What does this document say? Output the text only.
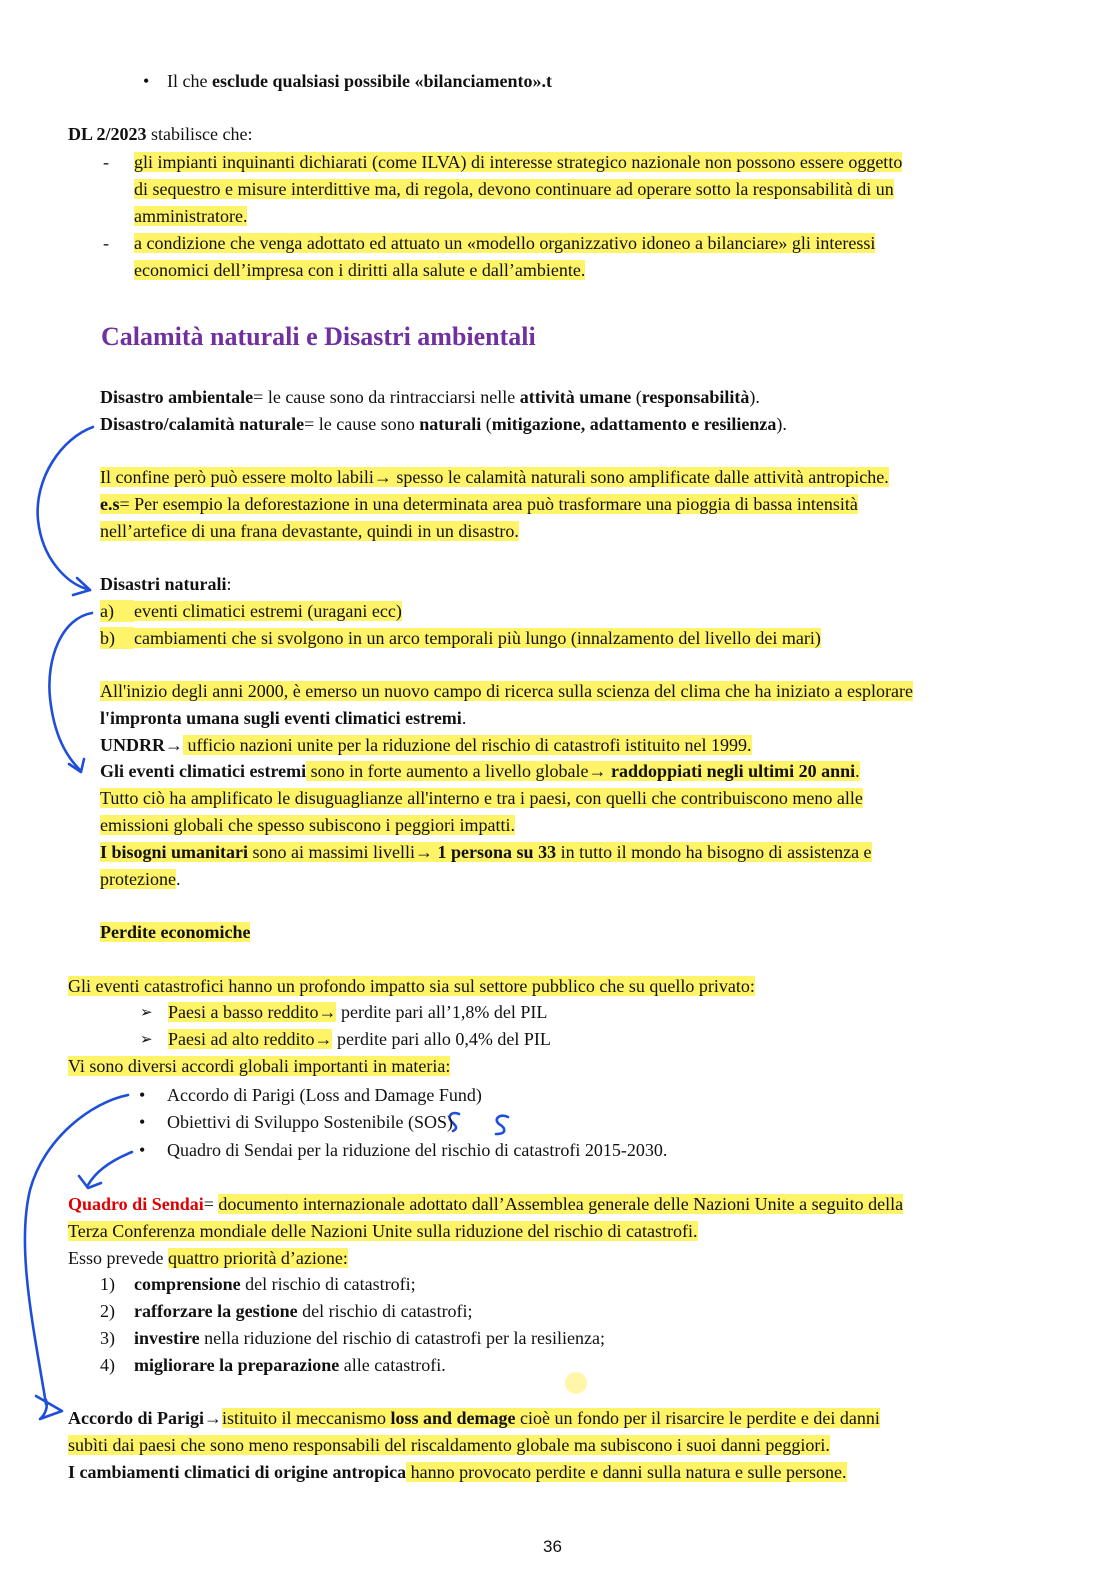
Calamità naturali e Disastri ambientali
• Il che esclude qualsiasi possibile «bilanciamento».t
DL 2/2023 stabilisce che:
- gli impianti inquinanti dichiarati (come ILVA) di interesse strategico nazionale non possono essere oggetto
di sequestro e misure interdittive ma, di regola, devono continuare ad operare sotto la responsabilità di un
amministratore.
- a condizione che venga adottato ed attuato un «modello organizzativo idoneo a bilanciare» gli interessi
economici dell’impresa con i diritti alla salute e dall’ambiente.
Disastro ambientale= le cause sono da rintracciarsi nelle attività umane (responsabilità).
Disastro/calamità naturale= le cause sono naturali (mitigazione, adattamento e resilienza).
Il confine però può essere molto labili→ spesso le calamità naturali sono amplificate dalle attività antropiche.
e.s= Per esempio la deforestazione in una determinata area può trasformare una pioggia di bassa intensità
nell’artefice di una frana devastante, quindi in un disastro.
Disastri naturali:
a)	eventi climatici estremi (uragani ecc)
b)	cambiamenti che si svolgono in un arco temporali più lungo (innalzamento del livello dei mari)
All'inizio degli anni 2000, è emerso un nuovo campo di ricerca sulla scienza del clima che ha iniziato a esplorare
l'impronta umana sugli eventi climatici estremi.
UNDRR→ ufficio nazioni unite per la riduzione del rischio di catastrofi istituito nel 1999.
Gli eventi climatici estremi sono in forte aumento a livello globale→ raddoppiati negli ultimi 20 anni.
Tutto ciò ha amplificato le disuguaglianze all'interno e tra i paesi, con quelli che contribuiscono meno alle
emissioni globali che spesso subiscono i peggiori impatti.
I bisogni umanitari sono ai massimi livelli→ 1 persona su 33 in tutto il mondo ha bisogno di assistenza e
protezione.
Perdite economiche
Gli eventi catastrofici hanno un profondo impatto sia sul settore pubblico che su quello privato:
➢ Paesi a basso reddito→ perdite pari all’1,8% del PIL
➢ Paesi ad alto reddito→ perdite pari allo 0,4% del PIL
Vi sono diversi accordi globali importanti in materia:
• Accordo di Parigi (Loss and Damage Fund)
• Obiettivi di Sviluppo Sostenibile (SOS)
• Quadro di Sendai per la riduzione del rischio di catastrofi 2015-2030.
Quadro di Sendai= documento internazionale adottato dall’Assemblea generale delle Nazioni Unite a seguito della
Terza Conferenza mondiale delle Nazioni Unite sulla riduzione del rischio di catastrofi.
Esso prevede quattro priorità d’azione:
1) comprensione del rischio di catastrofi;
2) rafforzare la gestione del rischio di catastrofi;
3) investire nella riduzione del rischio di catastrofi per la resilienza;
4) migliorare la preparazione alle catastrofi.
Accordo di Parigi→istituito il meccanismo loss and demage cioè un fondo per il risarcire le perdite e dei danni
subìti dai paesi che sono meno responsabili del riscaldamento globale ma subiscono i suoi danni peggiori.
I cambiamenti climatici di origine antropica hanno provocato perdite e danni sulla natura e sulle persone.
36
